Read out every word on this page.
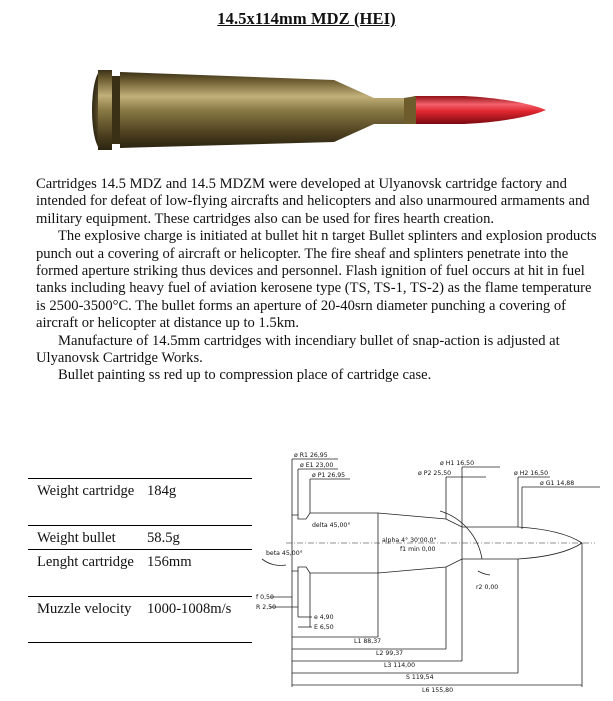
14.5x114mm MDZ (HEI)

Cartridges 14.5 MDZ and 14.5 MDZM were developed at Ulyanovsk cartridge factory and intended for defeat of low-flying aircrafts and helicopters and also unarmoured armaments and military equipment. These cartridges also can be used for fires hearth creation.

The explosive charge is initiated at bullet hit n target Bullet splinters and explosion products punch out a covering of aircraft or helicopter. The fire sheaf and splinters penetrate into the formed aperture striking thus devices and personnel. Flash ignition of fuel occurs at hit in fuel tanks including heavy fuel of aviation kerosene type (TS, TS-1, TS-2) as the flame temperature is 2500-3500°C. The bullet forms an aperture of 20-40srn diameter punching a covering of aircraft or helicopter at distance up to 1.5km.

Manufacture of 14.5mm cartridges with incendiary bullet of snap-action is adjusted at Ulyanovsk Cartridge Works.

Bullet painting ss red up to compression place of cartridge case.

Weight cartridge	184g
Weight bullet	58.5g
Lenght cartridge	156mm
Muzzle velocity	1000-1008m/s
ø R1 26,95
ø E1 23,00
ø P1 26,95	ø P2 25,50
ø H1 16,50
ø H2 16,50
ø G1 14,88
delta 45,00°
beta 45,00°
alpha 4° 30'00,0"
f1 min 0,00
r2 0,00
f 0,50
R 2,50
e 4,90
E 6,50
L1 88,37
L2 99,37
L3 114,00
S 119,54
L6 155,80
